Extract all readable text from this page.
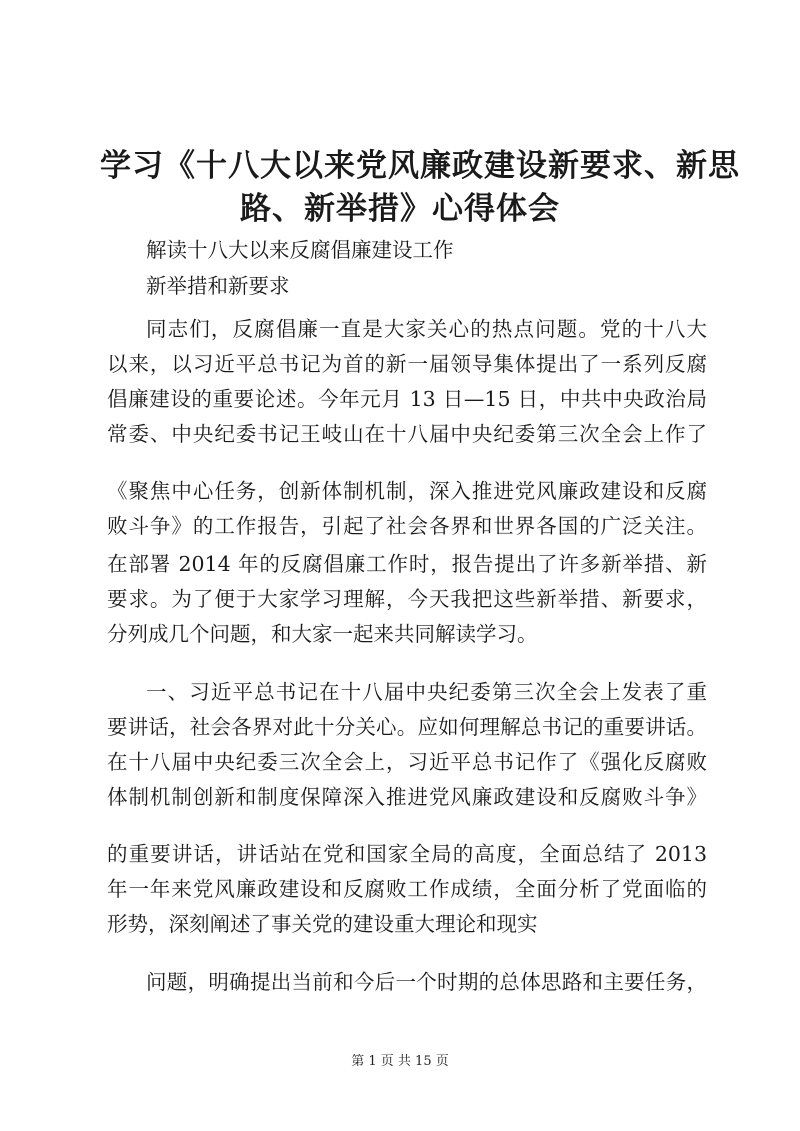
学习《十八大以来党风廉政建设新要求、新思
路、新举措》心得体会
解读十八大以来反腐倡廉建设工作
新举措和新要求
同志们，反腐倡廉一直是大家关心的热点问题。党的十八大
以来，以习近平总书记为首的新一届领导集体提出了一系列反腐
倡廉建设的重要论述。今年元月 13 日—15 日，中共中央政治局
常委、中央纪委书记王岐山在十八届中央纪委第三次全会上作了
《聚焦中心任务，创新体制机制，深入推进党风廉政建设和反腐
败斗争》的工作报告，引起了社会各界和世界各国的广泛关注。
在部署 2014 年的反腐倡廉工作时，报告提出了许多新举措、新
要求。为了便于大家学习理解，今天我把这些新举措、新要求，
分列成几个问题，和大家一起来共同解读学习。
一、习近平总书记在十八届中央纪委第三次全会上发表了重
要讲话，社会各界对此十分关心。应如何理解总书记的重要讲话。
在十八届中央纪委三次全会上，习近平总书记作了《强化反腐败
体制机制创新和制度保障深入推进党风廉政建设和反腐败斗争》
的重要讲话，讲话站在党和国家全局的高度，全面总结了 2013
年一年来党风廉政建设和反腐败工作成绩，全面分析了党面临的
形势，深刻阐述了事关党的建设重大理论和现实
问题，明确提出当前和今后一个时期的总体思路和主要任务，
第 1 页 共 15 页
